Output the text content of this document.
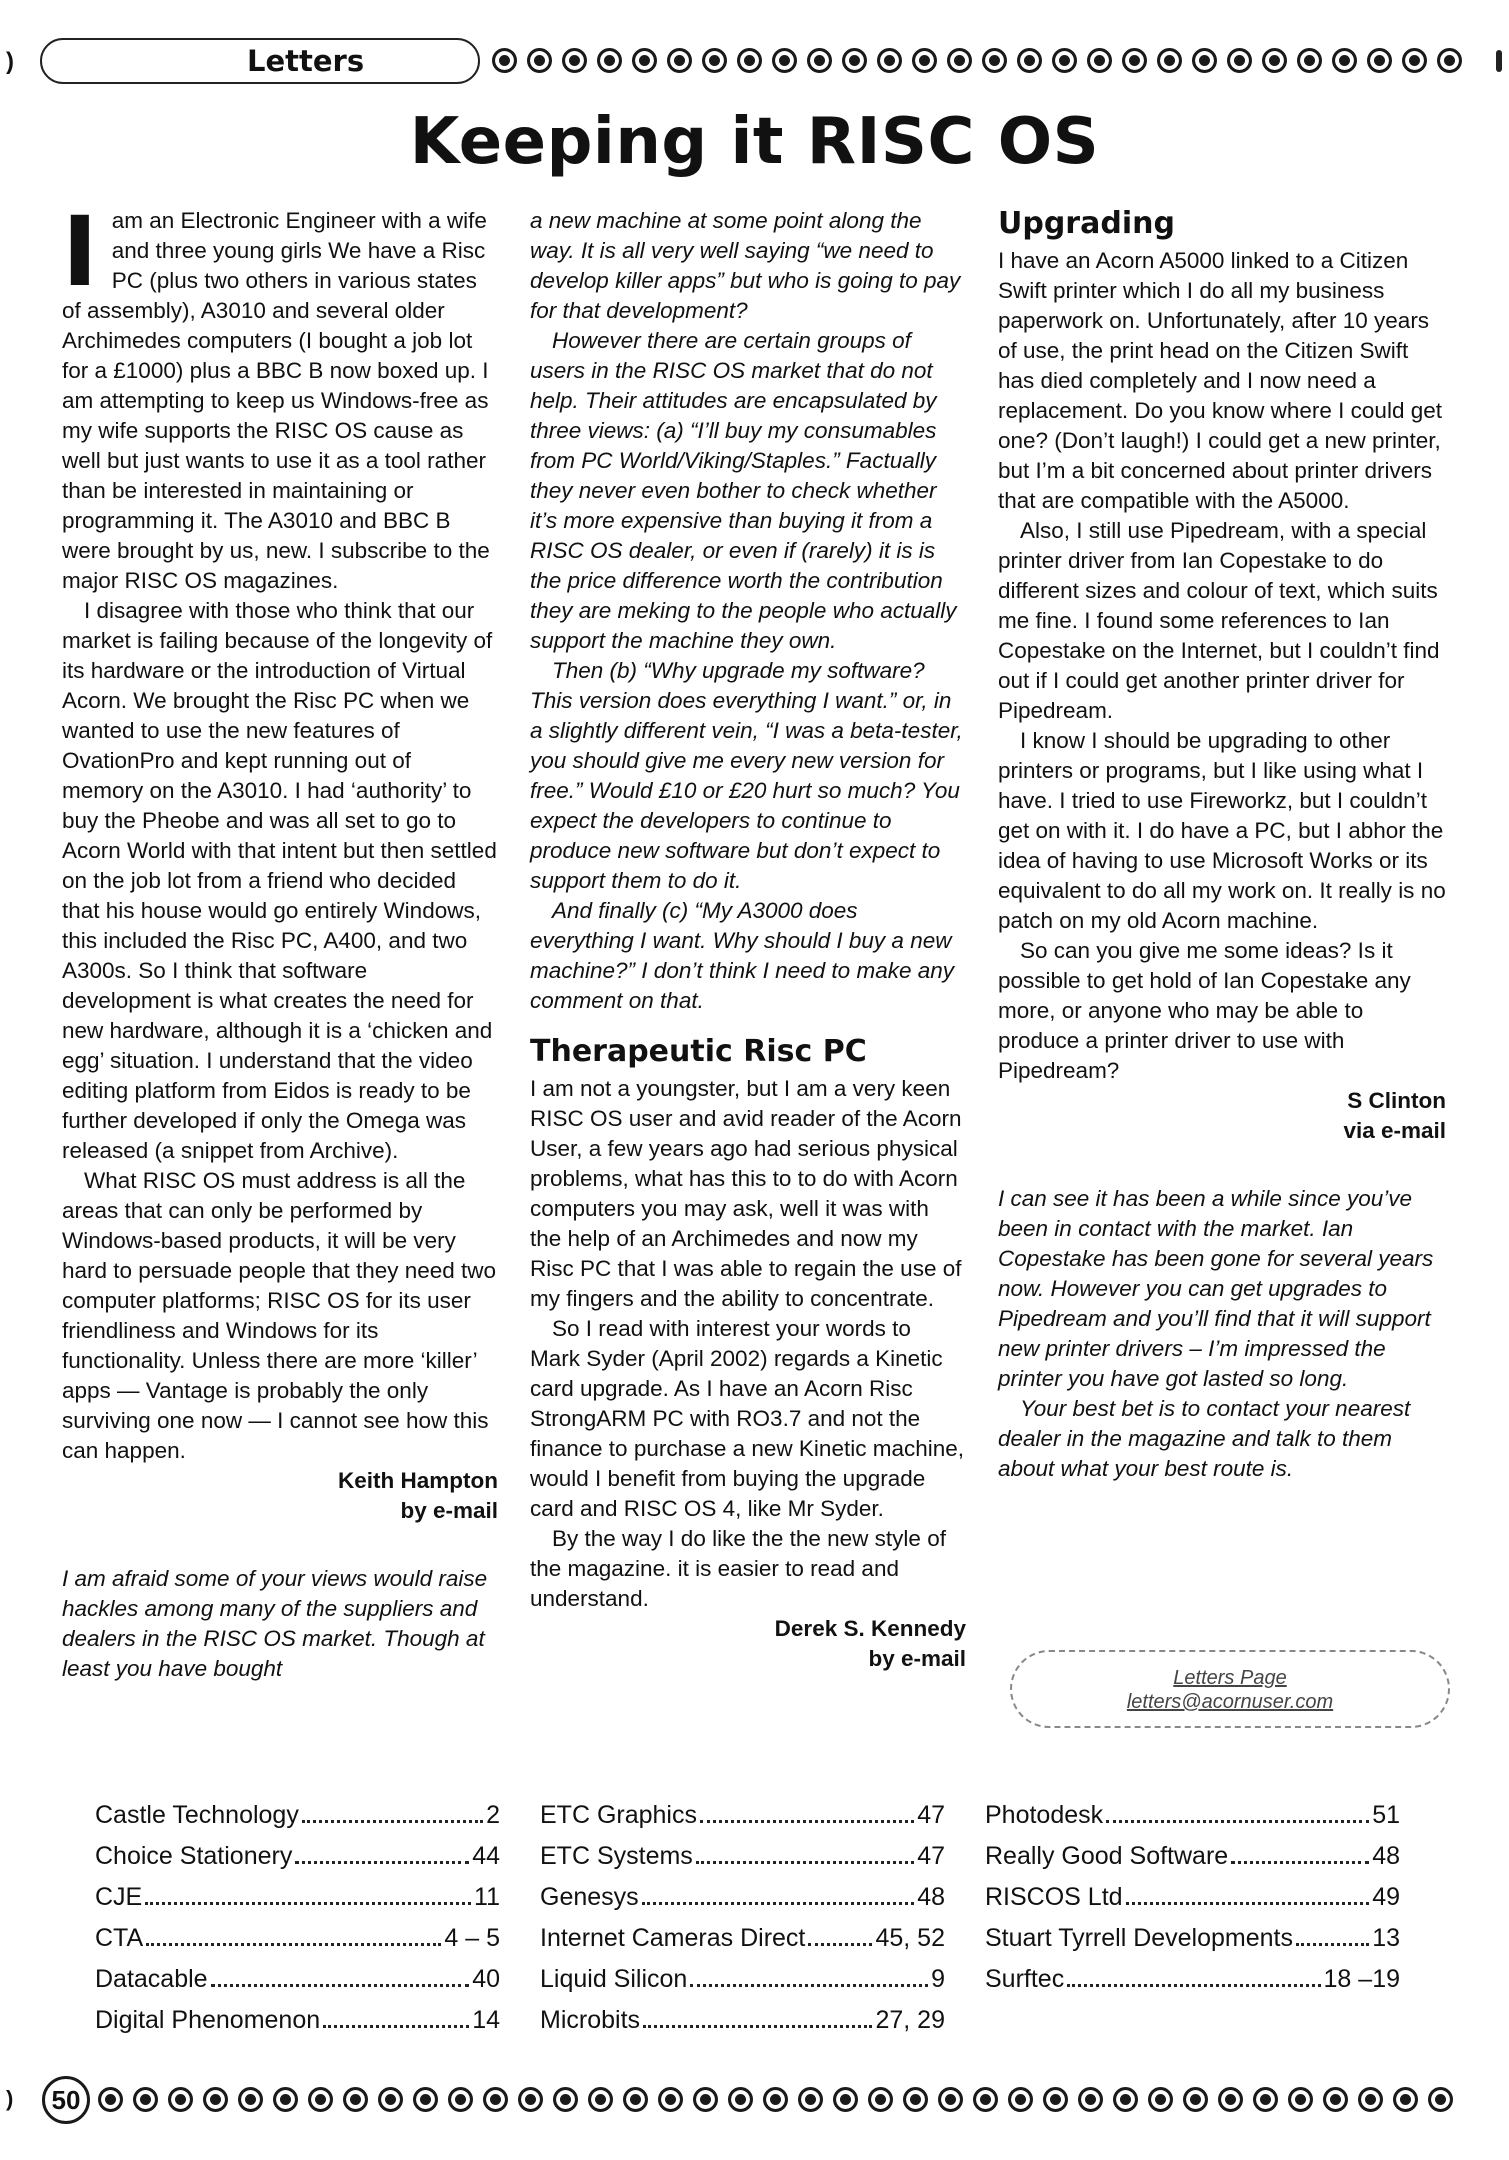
)	Letters
Keeping it RISC OS
I am an Electronic Engineer with a wife and three young girls We have a Risc PC (plus two others in various states of assembly), A3010 and several older Archimedes computers (I bought a job lot for a £1000) plus a BBC B now boxed up. I am attempting to keep us Windows-free as my wife supports the RISC OS cause as well but just wants to use it as a tool rather than be interested in maintaining or programming it. The A3010 and BBC B were brought by us, new. I subscribe to the major RISC OS magazines.

I disagree with those who think that our market is failing because of the longevity of its hardware or the introduction of Virtual Acorn. We brought the Risc PC when we wanted to use the new features of OvationPro and kept running out of memory on the A3010. I had ‘authority’ to buy the Pheobe and was all set to go to Acorn World with that intent but then settled on the job lot from a friend who decided that his house would go entirely Windows, this included the Risc PC, A400, and two A300s. So I think that software development is what creates the need for new hardware, although it is a ‘chicken and egg’ situation. I understand that the video editing platform from Eidos is ready to be further developed if only the Omega was released (a snippet from Archive).

What RISC OS must address is all the areas that can only be performed by Windows-based products, it will be very hard to persuade people that they need two computer platforms; RISC OS for its user friendliness and Windows for its functionality. Unless there are more ‘killer’ apps — Vantage is probably the only surviving one now — I cannot see how this can happen.

Keith Hampton

by e-mail

I am afraid some of your views would raise hackles among many of the suppliers and dealers in the RISC OS market. Though at least you have bought

a new machine at some point along the way. It is all very well saying “we need to develop killer apps” but who is going to pay for that development?

However there are certain groups of users in the RISC OS market that do not help. Their attitudes are encapsulated by three views: (a) “I’ll buy my consumables from PC World/Viking/Staples.” Factually they never even bother to check whether it’s more expensive than buying it from a RISC OS dealer, or even if (rarely) it is is the price difference worth the contribution they are meking to the people who actually support the machine they own.

Then (b) “Why upgrade my software? This version does everything I want.” or, in a slightly different vein, “I was a beta-tester, you should give me every new version for free.” Would £10 or £20 hurt so much? You expect the developers to continue to produce new software but don’t expect to support them to do it.

And finally (c) “My A3000 does everything I want. Why should I buy a new machine?” I don’t think I need to make any comment on that.

Therapeutic Risc PC

I am not a youngster, but I am a very keen RISC OS user and avid reader of the Acorn User, a few years ago had serious physical problems, what has this to to do with Acorn computers you may ask, well it was with the help of an Archimedes and now my Risc PC that I was able to regain the use of my fingers and the ability to concentrate.

So I read with interest your words to Mark Syder (April 2002) regards a Kinetic card upgrade. As I have an Acorn Risc StrongARM PC with RO3.7 and not the finance to purchase a new Kinetic machine, would I benefit from buying the upgrade card and RISC OS 4, like Mr Syder.

By the way I do like the the new style of the magazine. it is easier to read and understand.

Derek S. Kennedy

by e-mail

Upgrading

I have an Acorn A5000 linked to a Citizen Swift printer which I do all my business paperwork on. Unfortunately, after 10 years of use, the print head on the Citizen Swift has died completely and I now need a replacement. Do you know where I could get one? (Don’t laugh!) I could get a new printer, but I’m a bit concerned about printer drivers that are compatible with the A5000.

Also, I still use Pipedream, with a special printer driver from Ian Copestake to do different sizes and colour of text, which suits me fine. I found some references to Ian Copestake on the Internet, but I couldn’t find out if I could get another printer driver for Pipedream.

I know I should be upgrading to other printers or programs, but I like using what I have. I tried to use Fireworkz, but I couldn’t get on with it. I do have a PC, but I abhor the idea of having to use Microsoft Works or its equivalent to do all my work on. It really is no patch on my old Acorn machine.

So can you give me some ideas? Is it possible to get hold of Ian Copestake any more, or anyone who may be able to produce a printer driver to use with Pipedream?

S Clinton

via e-mail

I can see it has been a while since you’ve been in contact with the market. Ian Copestake has been gone for several years now. However you can get upgrades to Pipedream and you’ll find that it will support new printer drivers – I’m impressed the printer you have got lasted so long.

Your best bet is to contact your nearest dealer in the magazine and talk to them about what your best route is.

Letters Page
letters@acornuser.com
Castle Technology	2
Choice Stationery	44
CJE	11
CTA	4 – 5
Datacable	40
Digital Phenomenon	14
ETC Graphics	47
ETC Systems	47
Genesys	48
Internet Cameras Direct	45, 52
Liquid Silicon	9
Microbits	27, 29
Photodesk	51
Really Good Software	48
RISCOS Ltd	49
Stuart Tyrrell Developments	13
Surftec	18 –19
)	50
